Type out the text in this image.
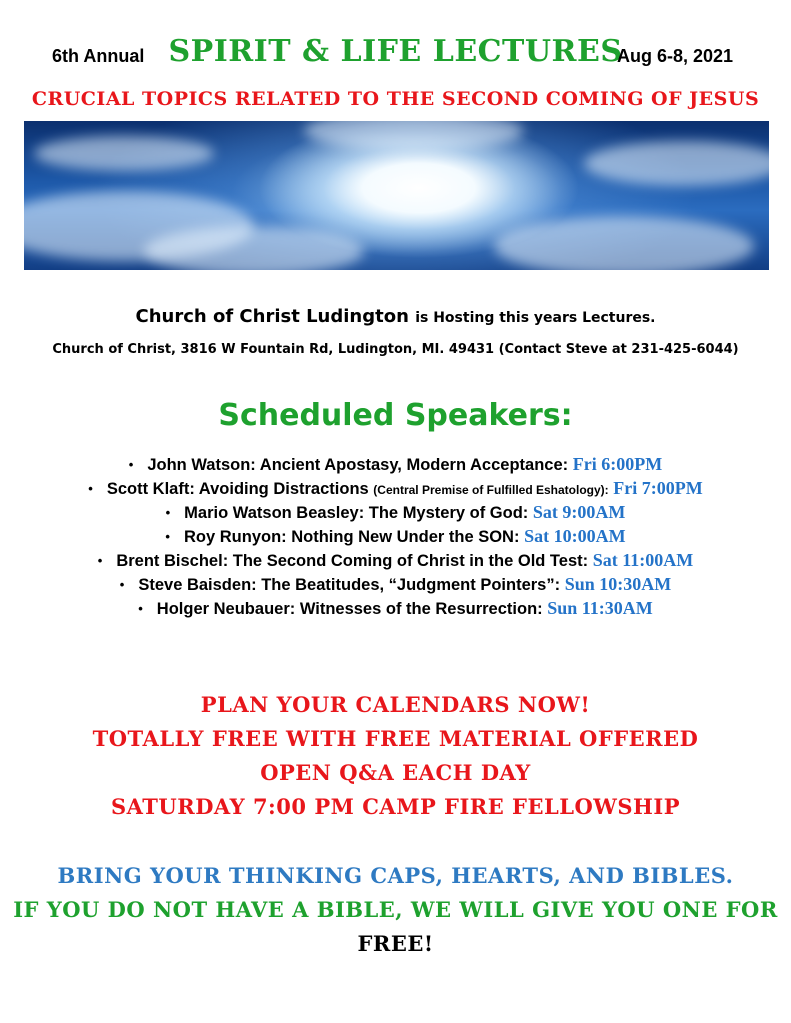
6th Annual SPIRIT & LIFE LECTURES
Aug 6-8, 2021
CRUCIAL TOPICS RELATED TO THE SECOND COMING OF JESUS
Church of Christ Ludington is Hosting this years Lectures.
Church of Christ, 3816 W Fountain Rd, Ludington, MI. 49431 (Contact Steve at 231-425-6044)
Scheduled Speakers:
• John Watson: Ancient Apostasy, Modern Acceptance: Fri 6:00PM
• Scott Klaft: Avoiding Distractions (Central Premise of Fulfilled Eshatology): Fri 7:00PM
• Mario Watson Beasley: The Mystery of God: Sat 9:00AM
• Roy Runyon: Nothing New Under the SON: Sat 10:00AM
• Brent Bischel: The Second Coming of Christ in the Old Test: Sat 11:00AM
• Steve Baisden: The Beatitudes, “Judgment Pointers”: Sun 10:30AM
• Holger Neubauer: Witnesses of the Resurrection: Sun 11:30AM
PLAN YOUR CALENDARS NOW!
TOTALLY FREE WITH FREE MATERIAL OFFERED
OPEN Q&A EACH DAY
SATURDAY 7:00 PM CAMP FIRE FELLOWSHIP
BRING YOUR THINKING CAPS, HEARTS, AND BIBLES.
IF YOU DO NOT HAVE A BIBLE, WE WILL GIVE YOU ONE FOR
FREE!
